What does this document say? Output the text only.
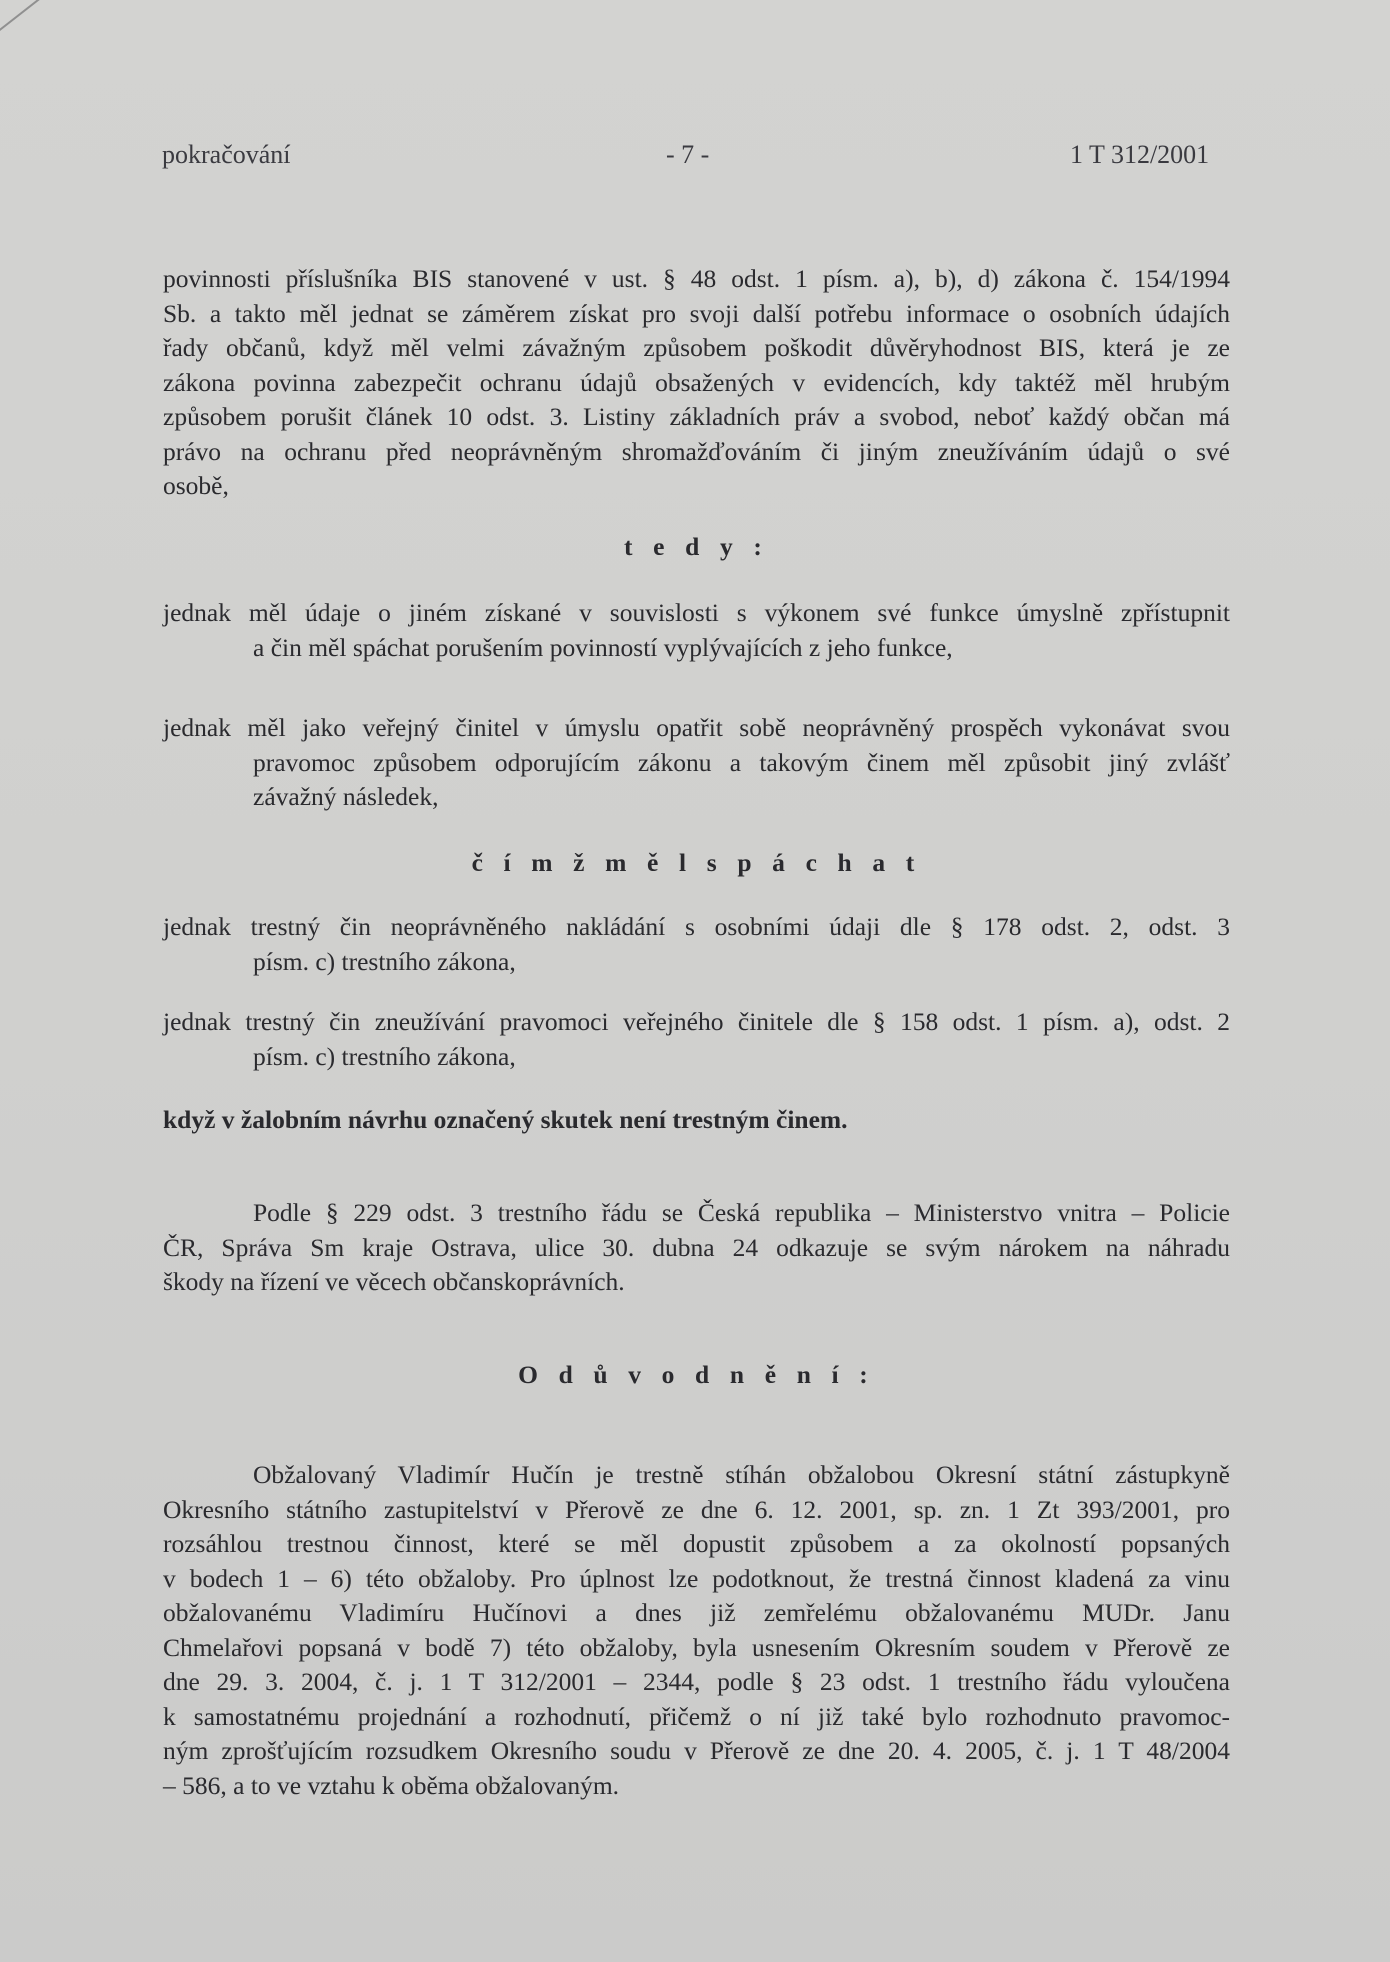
pokračování	- 7 -	1 T 312/2001
povinnosti příslušníka BIS stanovené v ust. § 48 odst. 1 písm. a), b), d) zákona č. 154/1994
Sb. a takto měl jednat se záměrem získat pro svoji další potřebu informace o osobních údajích
řady občanů, když měl velmi závažným způsobem poškodit důvěryhodnost BIS, která je ze
zákona povinna zabezpečit ochranu údajů obsažených v evidencích, kdy taktéž měl hrubým
způsobem porušit článek 10 odst. 3. Listiny základních práv a svobod, neboť každý občan má
právo na ochranu před neoprávněným shromažďováním či jiným zneužíváním údajů o své
osobě,
t e d y :
jednak měl údaje o jiném získané v souvislosti s výkonem své funkce úmyslně zpřístupnit
a čin měl spáchat porušením povinností vyplývajících z jeho funkce,
jednak měl jako veřejný činitel v úmyslu opatřit sobě neoprávněný prospěch vykonávat svou
pravomoc způsobem odporujícím zákonu a takovým činem měl způsobit jiný zvlášť
závažný následek,
č í m ž m ě l s p á c h a t
jednak trestný čin neoprávněného nakládání s osobními údaji dle § 178 odst. 2, odst. 3
písm. c) trestního zákona,
jednak trestný čin zneužívání pravomoci veřejného činitele dle § 158 odst. 1 písm. a), odst. 2
písm. c) trestního zákona,
když v žalobním návrhu označený skutek není trestným činem.
Podle § 229 odst. 3 trestního řádu se Česká republika – Ministerstvo vnitra – Policie
ČR, Správa Sm kraje Ostrava, ulice 30. dubna 24 odkazuje se svým nárokem na náhradu
škody na řízení ve věcech občanskoprávních.
O d ů v o d n ě n í :
Obžalovaný Vladimír Hučín je trestně stíhán obžalobou Okresní státní zástupkyně
Okresního státního zastupitelství v Přerově ze dne 6. 12. 2001, sp. zn. 1 Zt 393/2001, pro
rozsáhlou trestnou činnost, které se měl dopustit způsobem a za okolností popsaných
v bodech 1 – 6) této obžaloby. Pro úplnost lze podotknout, že trestná činnost kladená za vinu
obžalovanému Vladimíru Hučínovi a dnes již zemřelému obžalovanému MUDr. Janu
Chmelařovi popsaná v bodě 7) této obžaloby, byla usnesením Okresním soudem v Přerově ze
dne 29. 3. 2004, č. j. 1 T 312/2001 – 2344, podle § 23 odst. 1 trestního řádu vyloučena
k samostatnému projednání a rozhodnutí, přičemž o ní již také bylo rozhodnuto pravomoc-
ným zprošťujícím rozsudkem Okresního soudu v Přerově ze dne 20. 4. 2005, č. j. 1 T 48/2004
– 586, a to ve vztahu k oběma obžalovaným.
